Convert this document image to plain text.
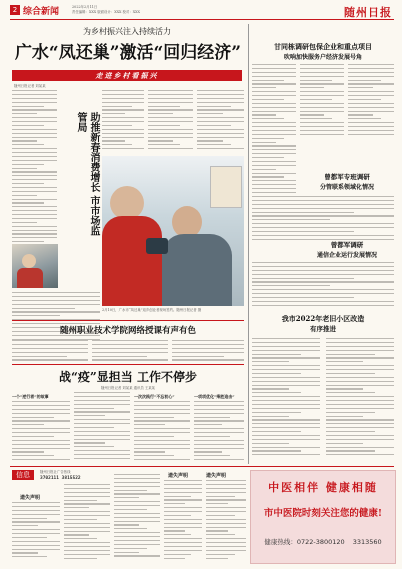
2 综合新闻	2022年2月11日
责任编辑：XXX 版面设计：XXX 校对：XXX	随州日报
为乡村振兴注入持续活力
广水“凤还巢”激活“回归经济”
走进乡村看振兴
随州日报记者 刘某某
助推新春消费增长 市市场监管局
2月10日，广水市“凤还巢”返乡创业者现场签约。随州日报记者 摄
随州职业技术学院网络授课有声有色
甘同栋调研包保企业和重点项目
吹响加快服务户经济发展号角
曾都军专班调研
分管联系领域化情况
曾都军调研
通信企业运行发展情况
我市2022年老旧小区改造
有序推进
战“疫”显担当 工作不停步
随州日报记者 刘某某 通讯员 王某某
一个“逆行者”的故事	一次次践行“不忘初心”	一项项优化“乘胜追击”
信息	随州日报社广告热线
3702111 3815522
遗失声明
遗失声明	遗失声明
中医相伴 健康相随
市中医院时刻关注您的健康!
健康热线：0722-3800120 3313560
